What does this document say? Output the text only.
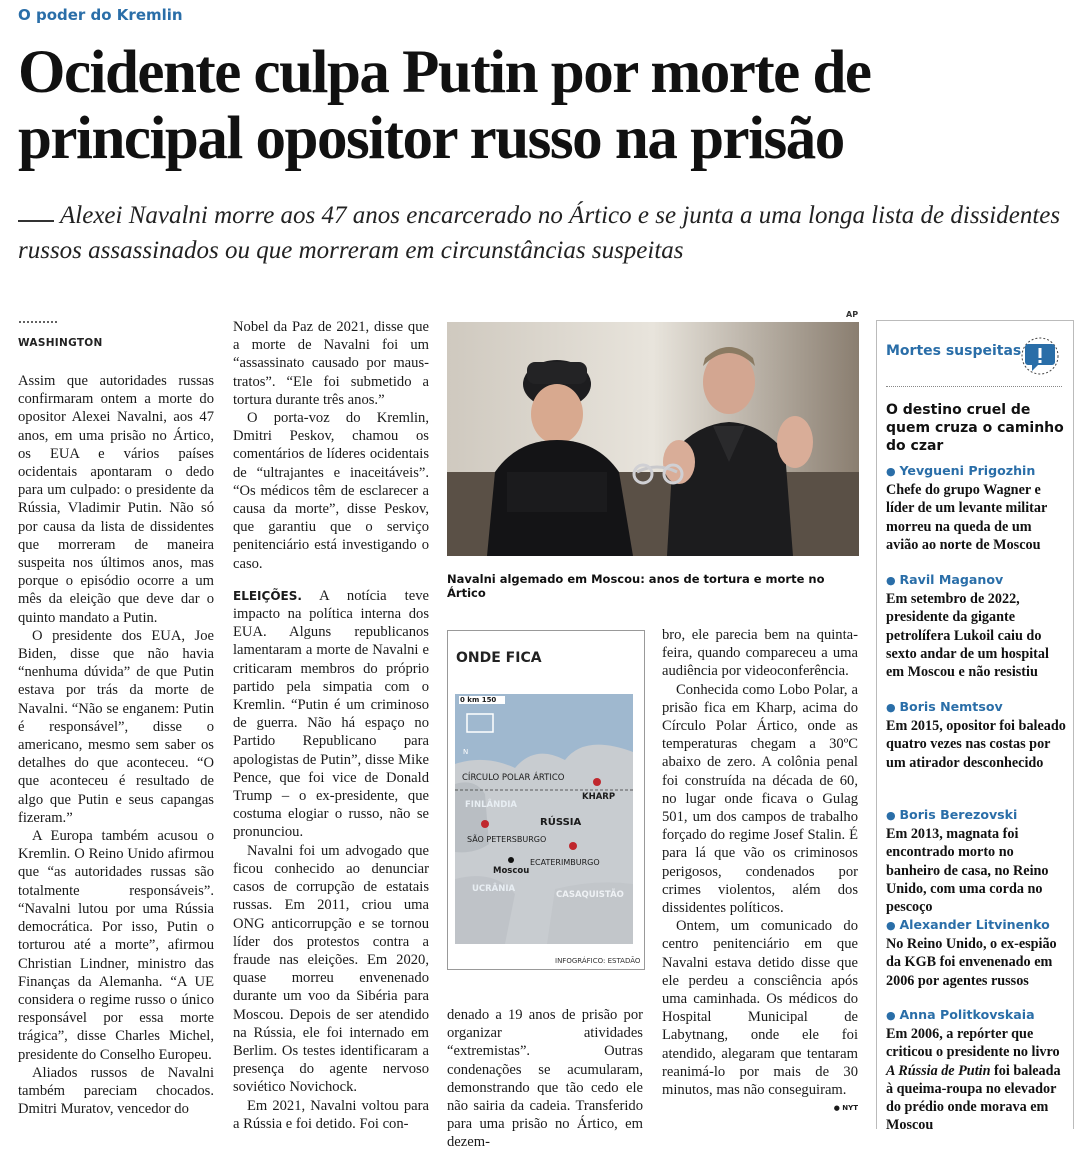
O poder do Kremlin
Ocidente culpa Putin por morte de principal opositor russo na prisão
Alexei Navalni morre aos 47 anos encarcerado no Ártico e se junta a uma longa lista de dissidentes russos assassinados ou que morreram em circunstâncias suspeitas
WASHINGTON

Assim que autoridades russas confirmaram ontem a morte do opositor Alexei Navalni, aos 47 anos, em uma prisão no Ártico, os EUA e vários países ocidentais apontaram o dedo para um culpado: o presidente da Rússia, Vladimir Putin. Não só por causa da lista de dissidentes que morreram de maneira suspeita nos últimos anos, mas porque o episódio ocorre a um mês da eleição que deve dar o quinto mandato a Putin.

O presidente dos EUA, Joe Biden, disse que não havia “nenhuma dúvida” de que Putin estava por trás da morte de Navalni. “Não se enganem: Putin é responsável”, disse o americano, mesmo sem saber os detalhes do que aconteceu. “O que aconteceu é resultado de algo que Putin e seus capangas fizeram.”

A Europa também acusou o Kremlin. O Reino Unido afirmou que “as autoridades russas são totalmente responsáveis”. “Navalni lutou por uma Rússia democrática. Por isso, Putin o torturou até a morte”, afirmou Christian Lindner, ministro das Finanças da Alemanha. “A UE considera o regime russo o único responsável por essa morte trágica”, disse Charles Michel, presidente do Conselho Europeu.

Aliados russos de Navalni também pareciam chocados. Dmitri Muratov, vencedor do

Nobel da Paz de 2021, disse que a morte de Navalni foi um “assassinato causado por maus-tratos”. “Ele foi submetido a tortura durante três anos.”

O porta-voz do Kremlin, Dmitri Peskov, chamou os comentários de líderes ocidentais de “ultrajantes e inaceitáveis”. “Os médicos têm de esclarecer a causa da morte”, disse Peskov, que garantiu que o serviço penitenciário está investigando o caso.

ELEIÇÕES. A notícia teve impacto na política interna dos EUA. Alguns republicanos lamentaram a morte de Navalni e criticaram membros do próprio partido pela simpatia com o Kremlin. “Putin é um criminoso de guerra. Não há espaço no Partido Republicano para apologistas de Putin”, disse Mike Pence, que foi vice de Donald Trump – o ex-presidente, que costuma elogiar o russo, não se pronunciou.

Navalni foi um advogado que ficou conhecido ao denunciar casos de corrupção de estatais russas. Em 2011, criou uma ONG anticorrupção e se tornou líder dos protestos contra a fraude nas eleições. Em 2020, quase morreu envenenado durante um voo da Sibéria para Moscou. Depois de ser atendido na Rússia, ele foi internado em Berlim. Os testes identificaram a presença do agente nervoso soviético Novichock.

Em 2021, Navalni voltou para a Rússia e foi detido. Foi con-

AP
Navalni algemado em Moscou: anos de tortura e morte no Ártico
ONDE FICA
0 km 150
N
CÍRCULO POLAR ÁRTICO
KHARP
FINLÂNDIA
RÚSSIA
SÃO PETERSBURGO
ECATERIMBURGO
Moscou
UCRÂNIA
CASAQUISTÃO
INFOGRÁFICO: ESTADÃO

denado a 19 anos de prisão por organizar atividades “extremistas”. Outras condenações se acumularam, demonstrando que tão cedo ele não sairia da cadeia. Transferido para uma prisão no Ártico, em dezem-

bro, ele parecia bem na quinta-feira, quando compareceu a uma audiência por videoconferência.

Conhecida como Lobo Polar, a prisão fica em Kharp, acima do Círculo Polar Ártico, onde as temperaturas chegam a 30ºC abaixo de zero. A colônia penal foi construída na década de 60, no lugar onde ficava o Gulag 501, um dos campos de trabalho forçado do regime Josef Stalin. É para lá que vão os criminosos perigosos, condenados por crimes violentos, além dos dissidentes políticos.

Ontem, um comunicado do centro penitenciário em que Navalni estava detido disse que ele perdeu a consciência após uma caminhada. Os médicos do Hospital Municipal de Labytnang, onde ele foi atendido, alegaram que tentaram reanimá-lo por mais de 30 minutos, mas não conseguiram.

● NYT
Mortes suspeitas
O destino cruel de quem cruza o caminho do czar
● Yevgueni Prigozhin
Chefe do grupo Wagner e líder de um levante militar morreu na queda de um avião ao norte de Moscou
● Ravil Maganov
Em setembro de 2022, presidente da gigante petrolífera Lukoil caiu do sexto andar de um hospital em Moscou e não resistiu
● Boris Nemtsov
Em 2015, opositor foi baleado quatro vezes nas costas por um atirador desconhecido
● Boris Berezovski
Em 2013, magnata foi encontrado morto no banheiro de casa, no Reino Unido, com uma corda no pescoço
● Alexander Litvinenko
No Reino Unido, o ex-espião da KGB foi envenenado em 2006 por agentes russos
● Anna Politkovskaia
Em 2006, a repórter que criticou o presidente no livro A Rússia de Putin foi baleada à queima-roupa no elevador do prédio onde morava em Moscou
